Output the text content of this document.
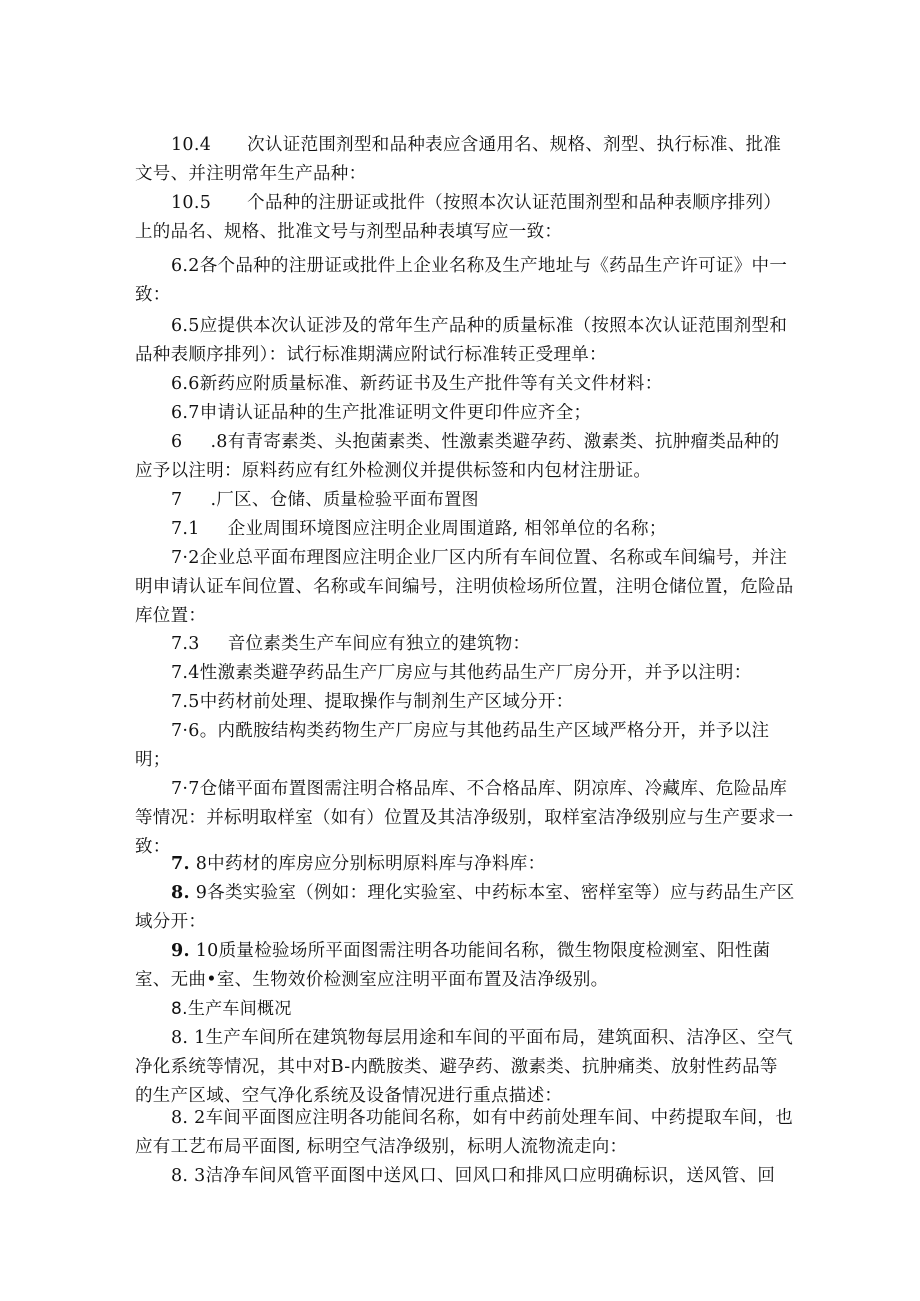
10.4 次认证范围剂型和品种表应含通用名、规格、剂型、执行标准、批准文号、并注明常年生产品种：

10.5 个品种的注册证或批件（按照本次认证范围剂型和品种表顺序排列）上的品名、规格、批准文号与剂型品种表填写应一致：

6.2各个品种的注册证或批件上企业名称及生产地址与《药品生产许可证》中一致：

6.5应提供本次认证涉及的常年生产品种的质量标准（按照本次认证范围剂型和品种表顺序排列）：试行标准期满应附试行标准转正受理单：

6.6新药应附质量标准、新药证书及生产批件等有关文件材料：

6.7申请认证品种的生产批准证明文件更印件应齐全；

6 .8有青寄素类、头抱菌素类、性激素类避孕药、激素类、抗肿瘤类品种的应予以注明：原料药应有红外检测仪并提供标签和内包材注册证。

7 .厂区、仓储、质量检验平面布置图

7.1 企业周围环境图应注明企业周围道路, 相邻单位的名称；

7·2企业总平面布理图应注明企业厂区内所有车间位置、名称或车间编号，并注明申请认证车间位置、名称或车间编号，注明侦检场所位置，注明仓储位置，危险品库位置：

7.3 音位素类生产车间应有独立的建筑物：

7.4性激素类避孕药品生产厂房应与其他药品生产厂房分开，并予以注明：

7.5中药材前处理、提取操作与制剂生产区域分开：

7·6。内酰胺结构类药物生产厂房应与其他药品生产区域严格分开，并予以注明；

7·7仓储平面布置图需注明合格品库、不合格品库、阴凉库、冷藏库、危险品库等情况：并标明取样室（如有）位置及其洁净级别，取样室洁净级别应与生产要求一致：

7. 8中药材的库房应分别标明原料库与净料库：

8. 9各类实验室（例如：理化实验室、中药标本室、密样室等）应与药品生产区域分开：

9. 10质量检验场所平面图需注明各功能间名称，微生物限度检测室、阳性菌室、无曲•室、生物效价检测室应注明平面布置及洁净级别。

8.生产车间概况

8. 1生产车间所在建筑物每层用途和车间的平面布局，建筑面积、洁净区、空气净化系统等情况，其中对B-内酰胺类、避孕药、激素类、抗肿痛类、放射性药品等的生产区域、空气净化系统及设备情况进行重点描述：

8. 2车间平面图应注明各功能间名称，如有中药前处理车间、中药提取车间，也应有工艺布局平面图, 标明空气洁净级别，标明人流物流走向：

8. 3洁净车间风管平面图中送风口、回风口和排风口应明确标识，送风管、回
